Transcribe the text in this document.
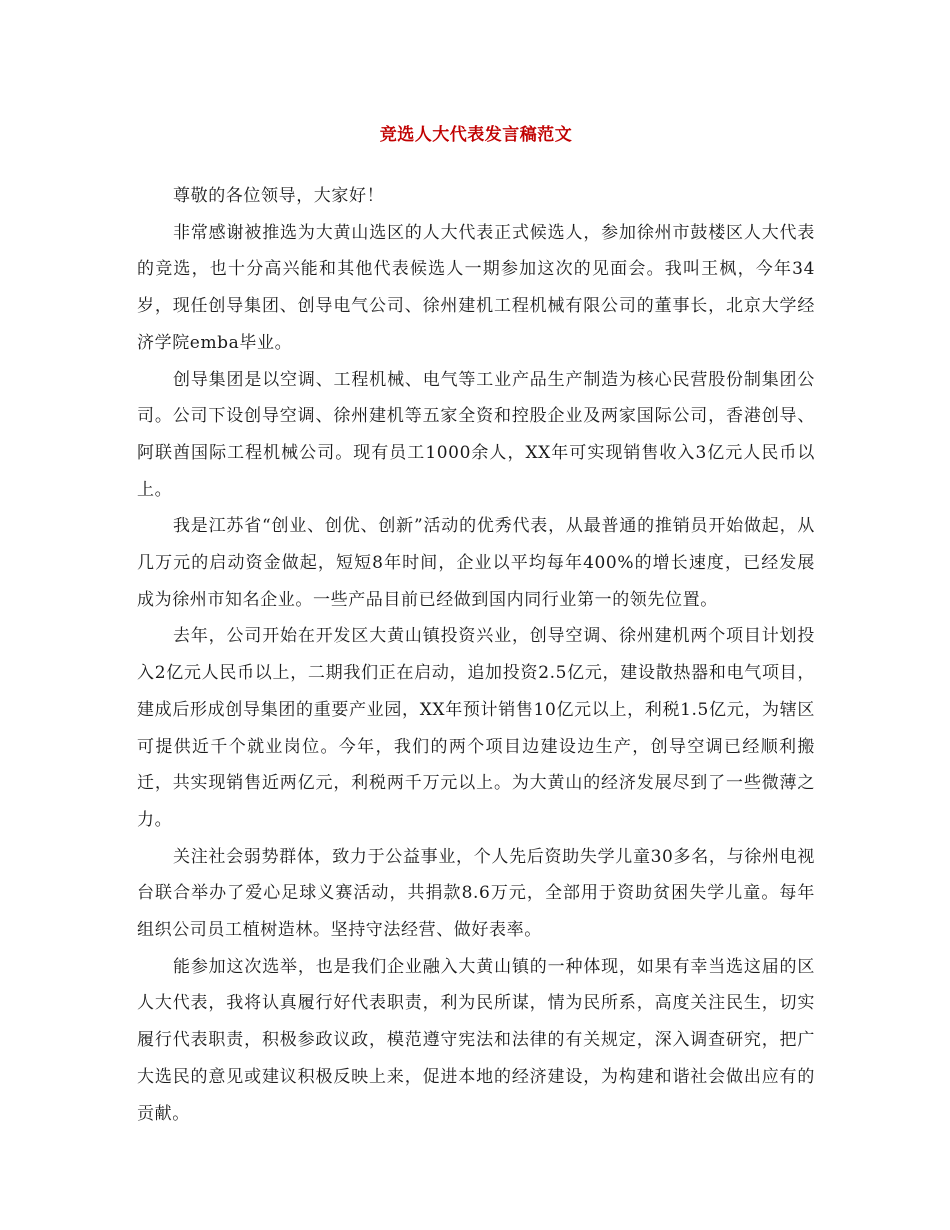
竞选人大代表发言稿范文

尊敬的各位领导，大家好！

非常感谢被推选为大黄山选区的人大代表正式候选人，参加徐州市鼓楼区人大代表的竞选，也十分高兴能和其他代表候选人一期参加这次的见面会。我叫王枫，今年34岁，现任创导集团、创导电气公司、徐州建机工程机械有限公司的董事长，北京大学经济学院emba毕业。

创导集团是以空调、工程机械、电气等工业产品生产制造为核心民营股份制集团公司。公司下设创导空调、徐州建机等五家全资和控股企业及两家国际公司，香港创导、阿联酋国际工程机械公司。现有员工1000余人，XX年可实现销售收入3亿元人民币以上。

我是江苏省“创业、创优、创新”活动的优秀代表，从最普通的推销员开始做起，从几万元的启动资金做起，短短8年时间，企业以平均每年400%的增长速度，已经发展成为徐州市知名企业。一些产品目前已经做到国内同行业第一的领先位置。

去年，公司开始在开发区大黄山镇投资兴业，创导空调、徐州建机两个项目计划投入2亿元人民币以上，二期我们正在启动，追加投资2.5亿元，建设散热器和电气项目，建成后形成创导集团的重要产业园，XX年预计销售10亿元以上，利税1.5亿元，为辖区可提供近千个就业岗位。今年，我们的两个项目边建设边生产，创导空调已经顺利搬迁，共实现销售近两亿元，利税两千万元以上。为大黄山的经济发展尽到了一些微薄之力。

关注社会弱势群体，致力于公益事业，个人先后资助失学儿童30多名，与徐州电视台联合举办了爱心足球义赛活动，共捐款8.6万元，全部用于资助贫困失学儿童。每年组织公司员工植树造林。坚持守法经营、做好表率。

能参加这次选举，也是我们企业融入大黄山镇的一种体现，如果有幸当选这届的区人大代表，我将认真履行好代表职责，利为民所谋，情为民所系，高度关注民生，切实履行代表职责，积极参政议政，模范遵守宪法和法律的有关规定，深入调查研究，把广大选民的意见或建议积极反映上来，促进本地的经济建设，为构建和谐社会做出应有的贡献。
